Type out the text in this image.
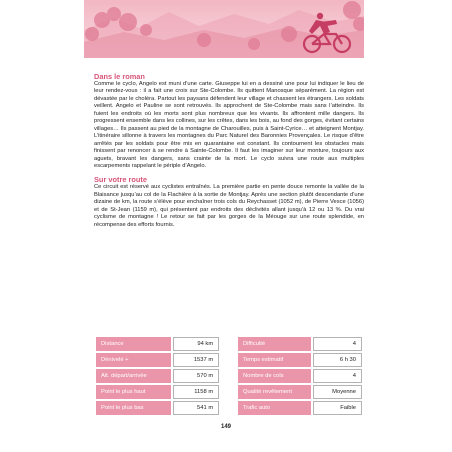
Dans le roman

Comme le cyclo, Angelo est muni d’une carte. Giuseppe lui en a dessiné une pour lui indiquer le lieu de leur rendez-vous : il a fait une croix sur Ste-Colombe. Ils quittent Manosque séparément. La région est dévastée par le choléra. Partout les paysans défendent leur village et chassent les étrangers. Les soldats veillent. Angelo et Pauline se sont retrouvés. Ils approchent de Ste-Colombe mais sans l’atteindre. Ils fuient les endroits où les morts sont plus nombreux que les vivants. Ils affrontent mille dangers. Ils progressent ensemble dans les collines, sur les crêtes, dans les bois, au fond des gorges, évitant certains villages… Ils passent au pied de la montagne de Charouilles, puis à Saint-Cyrice… et atteignent Montjay. L’itinéraire sillonne à travers les montagnes du Parc Naturel des Baronnies Provençales. Le risque d’être arrêtés par les soldats pour être mis en quarantaine est constant. Ils contournent les obstacles mais finissent par renoncer à se rendre à Sainte-Colombe. Il faut les imaginer sur leur monture, toujours aux aguets, bravant les dangers, sans crainte de la mort. Le cyclo suivra une route aux multiples escarpements rappelant le périple d’Angelo.

Sur votre route

Ce circuit est réservé aux cyclistes entraînés. La première partie en pente douce remonte la vallée de la Blaisance jusqu’au col de la Flachière à la sortie de Montjay. Après une section plutôt descendante d’une dizaine de km, la route s’élève pour enchaîner trois cols du Reychasset (1052 m), de Pierre Vesce (1056) et de St-Jean (1159 m), qui présentent par endroits des déclivités allant jusqu’à 12 ou 13 %. Du vrai cyclisme de montagne ! Le retour se fait par les gorges de la Méouge sur une route splendide, en récompense des efforts fournis.

Distance	94 km		Difficulté	4
Dénivelé +	1537 m		Temps estimatif	6 h 30
Alt. départ/arrivée	570 m		Nombre de cols	4
Point le plus haut	1158 m		Qualité revêtement	Moyenne
Point le plus bas	541 m		Trafic auto	Faible
149
